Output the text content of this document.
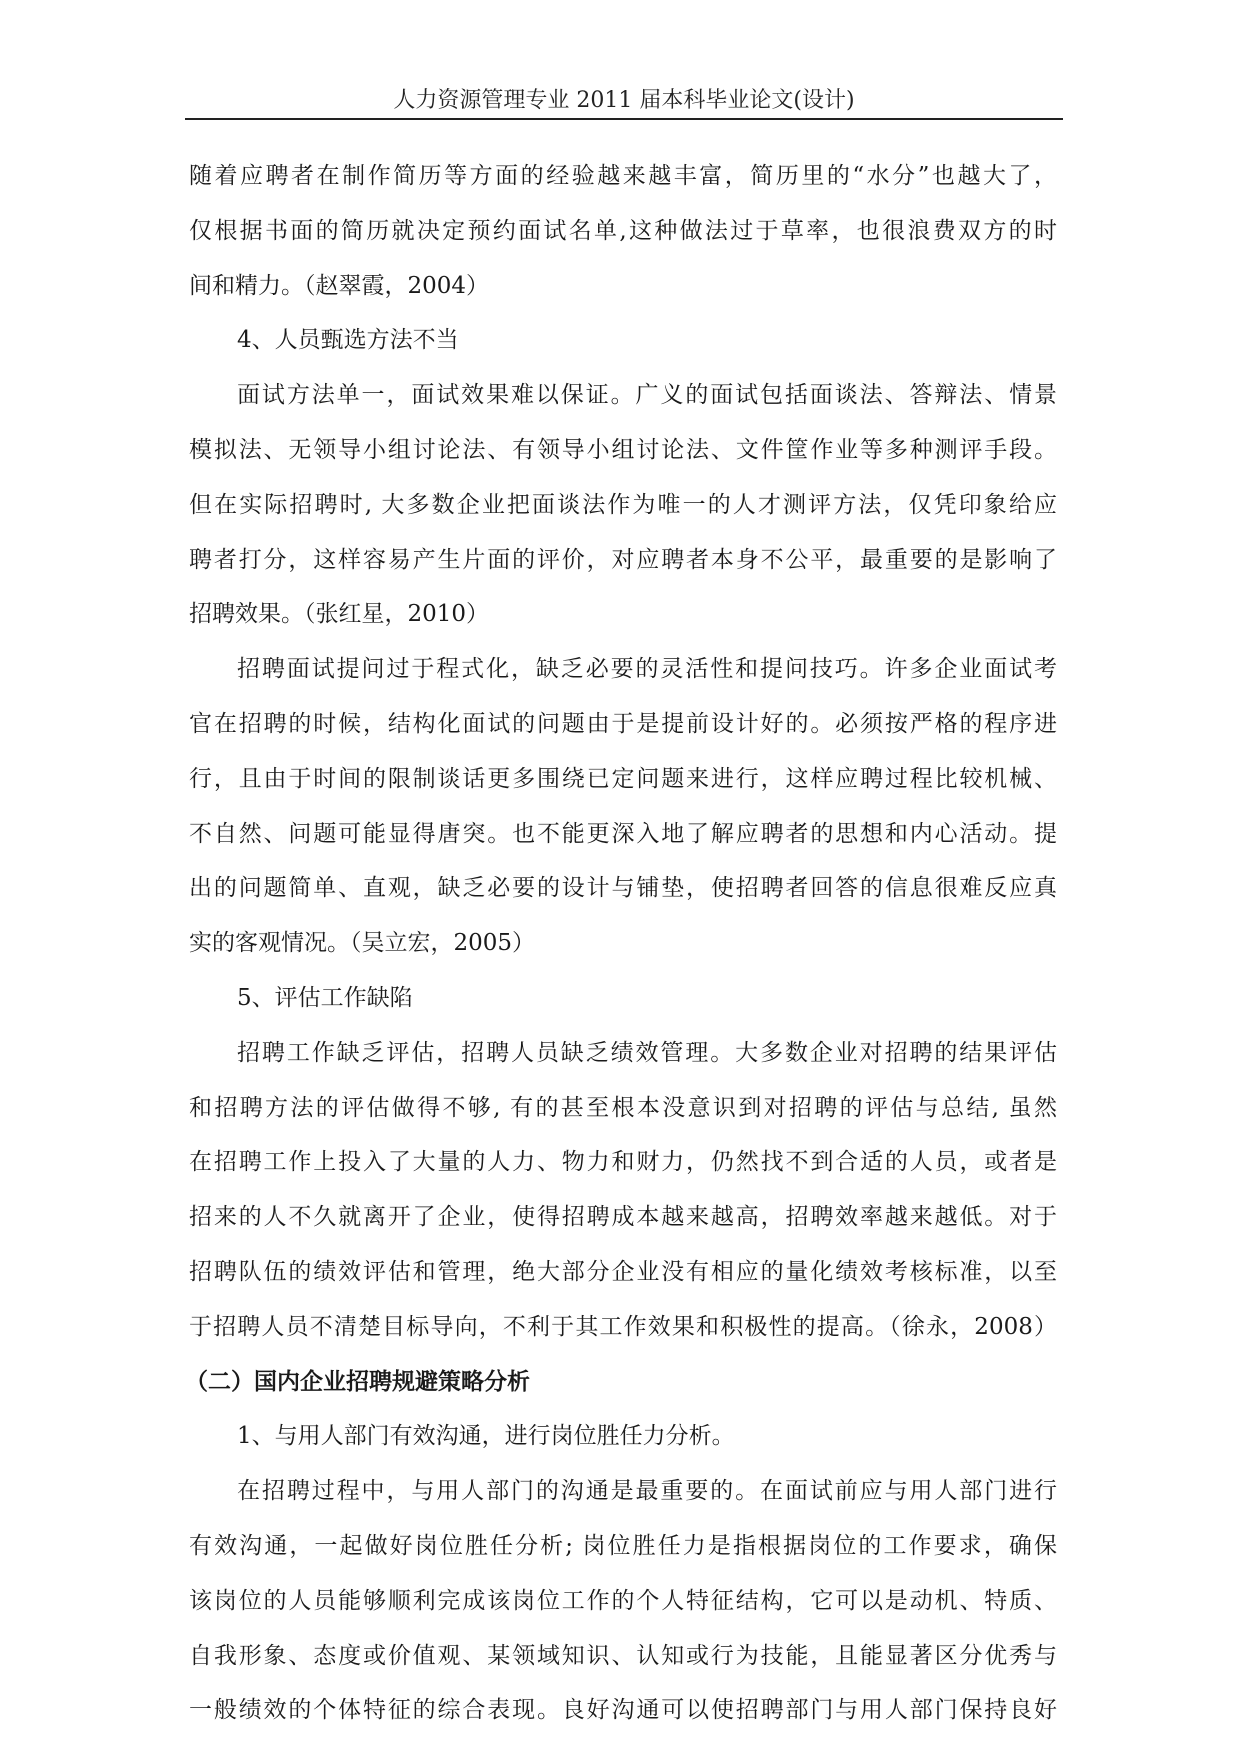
人力资源管理专业 2011 届本科毕业论文(设计)
随着应聘者在制作简历等方面的经验越来越丰富，简历里的“水分”也越大了，
仅根据书面的简历就决定预约面试名单,这种做法过于草率，也很浪费双方的时
间和精力。（赵翠霞，2004）
4、人员甄选方法不当
面试方法单一，面试效果难以保证。广义的面试包括面谈法、答辩法、情景
模拟法、无领导小组讨论法、有领导小组讨论法、文件筐作业等多种测评手段。
但在实际招聘时, 大多数企业把面谈法作为唯一的人才测评方法，仅凭印象给应
聘者打分，这样容易产生片面的评价，对应聘者本身不公平，最重要的是影响了
招聘效果。（张红星，2010）
招聘面试提问过于程式化，缺乏必要的灵活性和提问技巧。许多企业面试考
官在招聘的时候，结构化面试的问题由于是提前设计好的。必须按严格的程序进
行，且由于时间的限制谈话更多围绕已定问题来进行，这样应聘过程比较机械、
不自然、问题可能显得唐突。也不能更深入地了解应聘者的思想和内心活动。提
出的问题简单、直观，缺乏必要的设计与铺垫，使招聘者回答的信息很难反应真
实的客观情况。（吴立宏，2005）
5、评估工作缺陷
招聘工作缺乏评估，招聘人员缺乏绩效管理。大多数企业对招聘的结果评估
和招聘方法的评估做得不够, 有的甚至根本没意识到对招聘的评估与总结, 虽然
在招聘工作上投入了大量的人力、物力和财力，仍然找不到合适的人员，或者是
招来的人不久就离开了企业，使得招聘成本越来越高，招聘效率越来越低。对于
招聘队伍的绩效评估和管理，绝大部分企业没有相应的量化绩效考核标准，以至
于招聘人员不清楚目标导向，不利于其工作效果和积极性的提高。（徐永，2008）
（二）国内企业招聘规避策略分析
1、与用人部门有效沟通，进行岗位胜任力分析。
在招聘过程中，与用人部门的沟通是最重要的。在面试前应与用人部门进行
有效沟通，一起做好岗位胜任分析; 岗位胜任力是指根据岗位的工作要求，确保
该岗位的人员能够顺利完成该岗位工作的个人特征结构，它可以是动机、特质、
自我形象、态度或价值观、某领域知识、认知或行为技能，且能显著区分优秀与
一般绩效的个体特征的综合表现。良好沟通可以使招聘部门与用人部门保持良好
